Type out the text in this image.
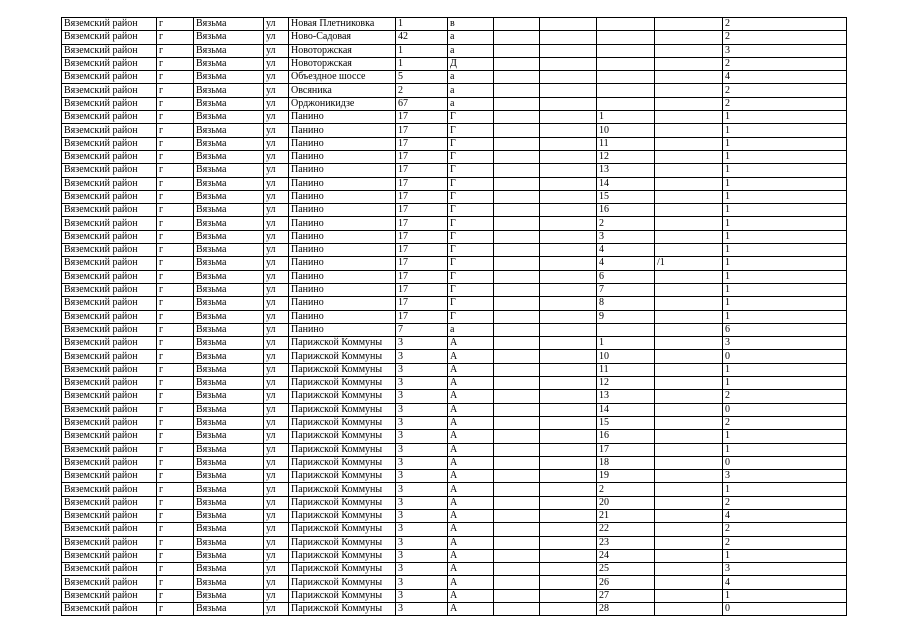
Вяземский район	г	Вязьма	ул	Новая Плетниковка	1	в					2
Вяземский район	г	Вязьма	ул	Ново-Садовая	42	а					2
Вяземский район	г	Вязьма	ул	Новоторжская	1	а					3
Вяземский район	г	Вязьма	ул	Новоторжская	1	Д					2
Вяземский район	г	Вязьма	ул	Объездное шоссе	5	а					4
Вяземский район	г	Вязьма	ул	Овсяника	2	а					2
Вяземский район	г	Вязьма	ул	Орджоникидзе	67	а					2
Вяземский район	г	Вязьма	ул	Панино	17	Г			1		1
Вяземский район	г	Вязьма	ул	Панино	17	Г			10		1
Вяземский район	г	Вязьма	ул	Панино	17	Г			11		1
Вяземский район	г	Вязьма	ул	Панино	17	Г			12		1
Вяземский район	г	Вязьма	ул	Панино	17	Г			13		1
Вяземский район	г	Вязьма	ул	Панино	17	Г			14		1
Вяземский район	г	Вязьма	ул	Панино	17	Г			15		1
Вяземский район	г	Вязьма	ул	Панино	17	Г			16		1
Вяземский район	г	Вязьма	ул	Панино	17	Г			2		1
Вяземский район	г	Вязьма	ул	Панино	17	Г			3		1
Вяземский район	г	Вязьма	ул	Панино	17	Г			4		1
Вяземский район	г	Вязьма	ул	Панино	17	Г			4	/1	1
Вяземский район	г	Вязьма	ул	Панино	17	Г			6		1
Вяземский район	г	Вязьма	ул	Панино	17	Г			7		1
Вяземский район	г	Вязьма	ул	Панино	17	Г			8		1
Вяземский район	г	Вязьма	ул	Панино	17	Г			9		1
Вяземский район	г	Вязьма	ул	Панино	7	а					6
Вяземский район	г	Вязьма	ул	Парижской Коммуны	3	А			1		3
Вяземский район	г	Вязьма	ул	Парижской Коммуны	3	А			10		0
Вяземский район	г	Вязьма	ул	Парижской Коммуны	3	А			11		1
Вяземский район	г	Вязьма	ул	Парижской Коммуны	3	А			12		1
Вяземский район	г	Вязьма	ул	Парижской Коммуны	3	А			13		2
Вяземский район	г	Вязьма	ул	Парижской Коммуны	3	А			14		0
Вяземский район	г	Вязьма	ул	Парижской Коммуны	3	А			15		2
Вяземский район	г	Вязьма	ул	Парижской Коммуны	3	А			16		1
Вяземский район	г	Вязьма	ул	Парижской Коммуны	3	А			17		1
Вяземский район	г	Вязьма	ул	Парижской Коммуны	3	А			18		0
Вяземский район	г	Вязьма	ул	Парижской Коммуны	3	А			19		3
Вяземский район	г	Вязьма	ул	Парижской Коммуны	3	А			2		1
Вяземский район	г	Вязьма	ул	Парижской Коммуны	3	А			20		2
Вяземский район	г	Вязьма	ул	Парижской Коммуны	3	А			21		4
Вяземский район	г	Вязьма	ул	Парижской Коммуны	3	А			22		2
Вяземский район	г	Вязьма	ул	Парижской Коммуны	3	А			23		2
Вяземский район	г	Вязьма	ул	Парижской Коммуны	3	А			24		1
Вяземский район	г	Вязьма	ул	Парижской Коммуны	3	А			25		3
Вяземский район	г	Вязьма	ул	Парижской Коммуны	3	А			26		4
Вяземский район	г	Вязьма	ул	Парижской Коммуны	3	А			27		1
Вяземский район	г	Вязьма	ул	Парижской Коммуны	3	А			28		0
